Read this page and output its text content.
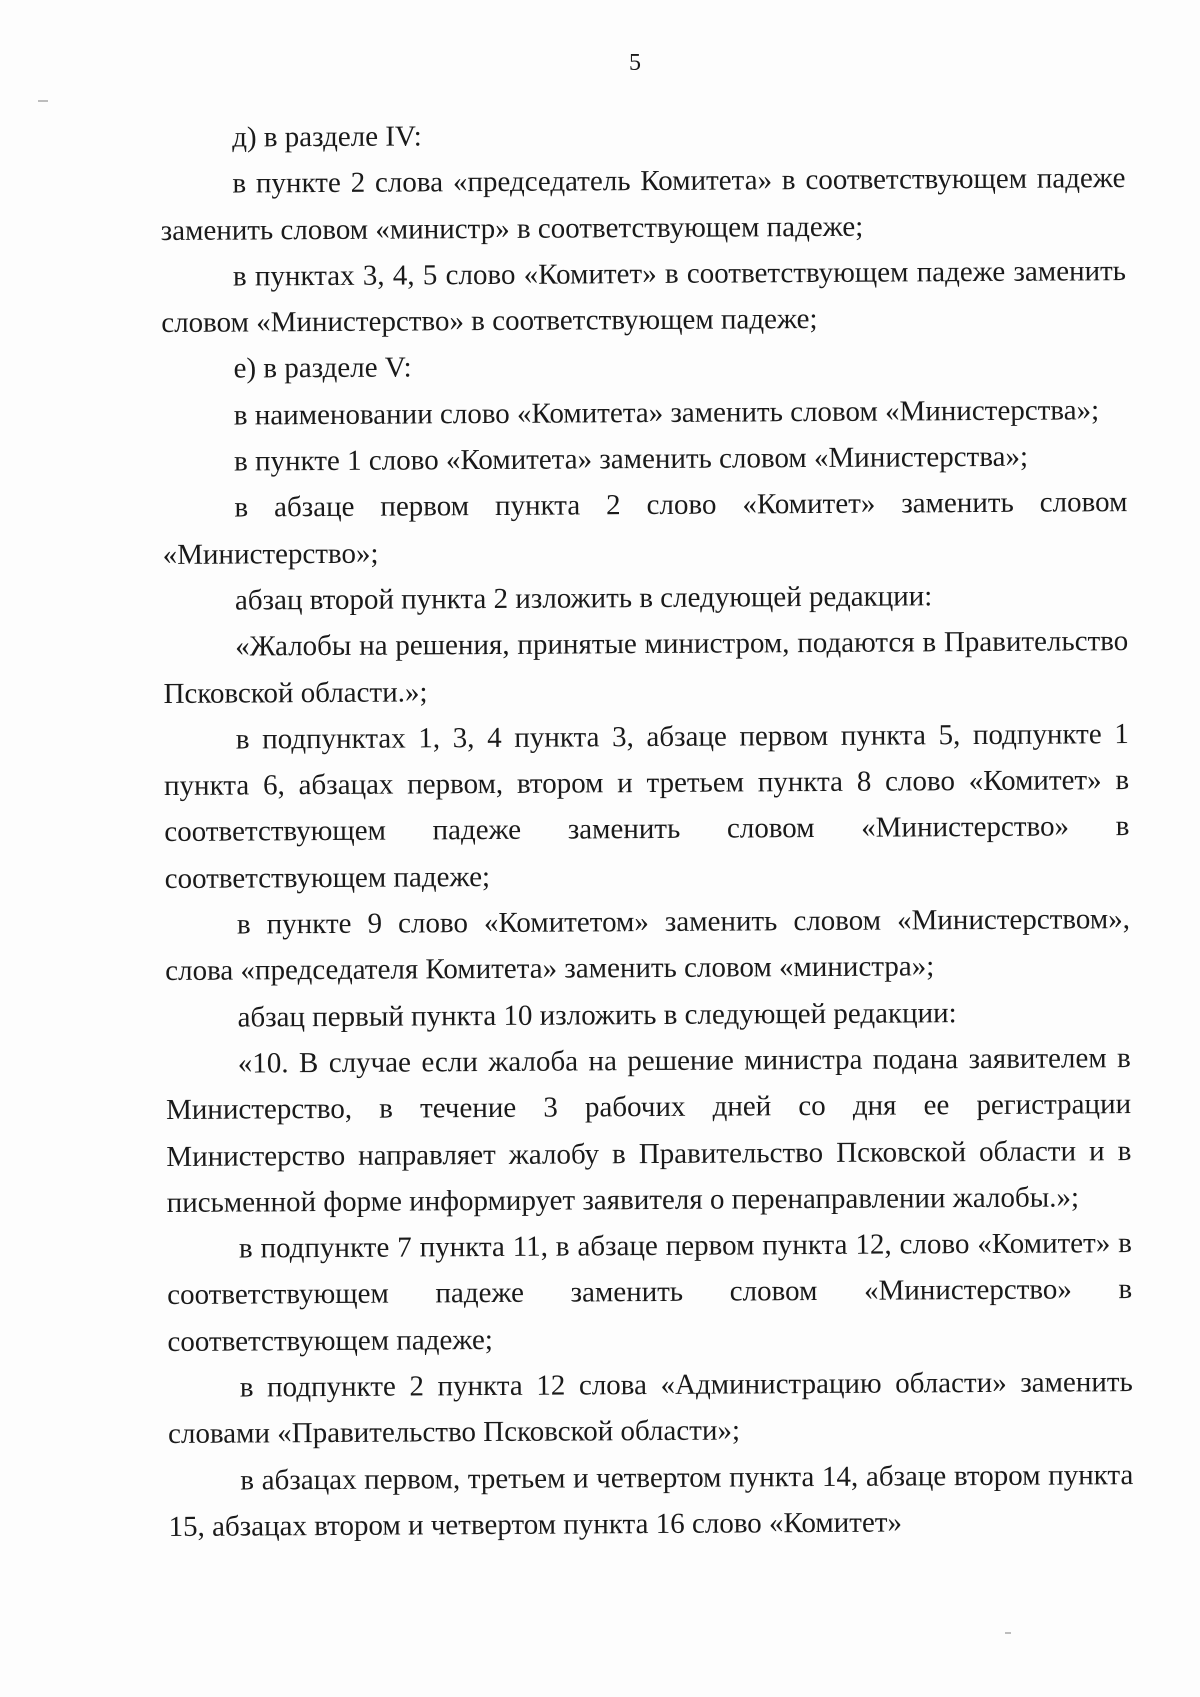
5

д) в разделе IV:

в пункте 2 слова «председатель Комитета» в соответствующем падеже заменить словом «министр» в соответствующем падеже;

в пунктах 3, 4, 5 слово «Комитет» в соответствующем падеже заменить словом «Министерство» в соответствующем падеже;

е) в разделе V:

в наименовании слово «Комитета» заменить словом «Министерства»;

в пункте 1 слово «Комитета» заменить словом «Министерства»;

в абзаце первом пункта 2 слово «Комитет» заменить словом «Министерство»;

абзац второй пункта 2 изложить в следующей редакции:

«Жалобы на решения, принятые министром, подаются в Правительство Псковской области.»;

в подпунктах 1, 3, 4 пункта 3, абзаце первом пункта 5, подпункте 1 пункта 6, абзацах первом, втором и третьем пункта 8 слово «Комитет» в соответствующем падеже заменить словом «Министерство» в соответствующем падеже;

в пункте 9 слово «Комитетом» заменить словом «Министерством», слова «председателя Комитета» заменить словом «министра»;

абзац первый пункта 10 изложить в следующей редакции:

«10. В случае если жалоба на решение министра подана заявителем в Министерство, в течение 3 рабочих дней со дня ее регистрации Министерство направляет жалобу в Правительство Псковской области и в письменной форме информирует заявителя о перенаправлении жалобы.»;

в подпункте 7 пункта 11, в абзаце первом пункта 12, слово «Комитет» в соответствующем падеже заменить словом «Министерство» в соответствующем падеже;

в подпункте 2 пункта 12 слова «Администрацию области» заменить словами «Правительство Псковской области»;

в абзацах первом, третьем и четвертом пункта 14, абзаце втором пункта 15, абзацах втором и четвертом пункта 16 слово «Комитет»
